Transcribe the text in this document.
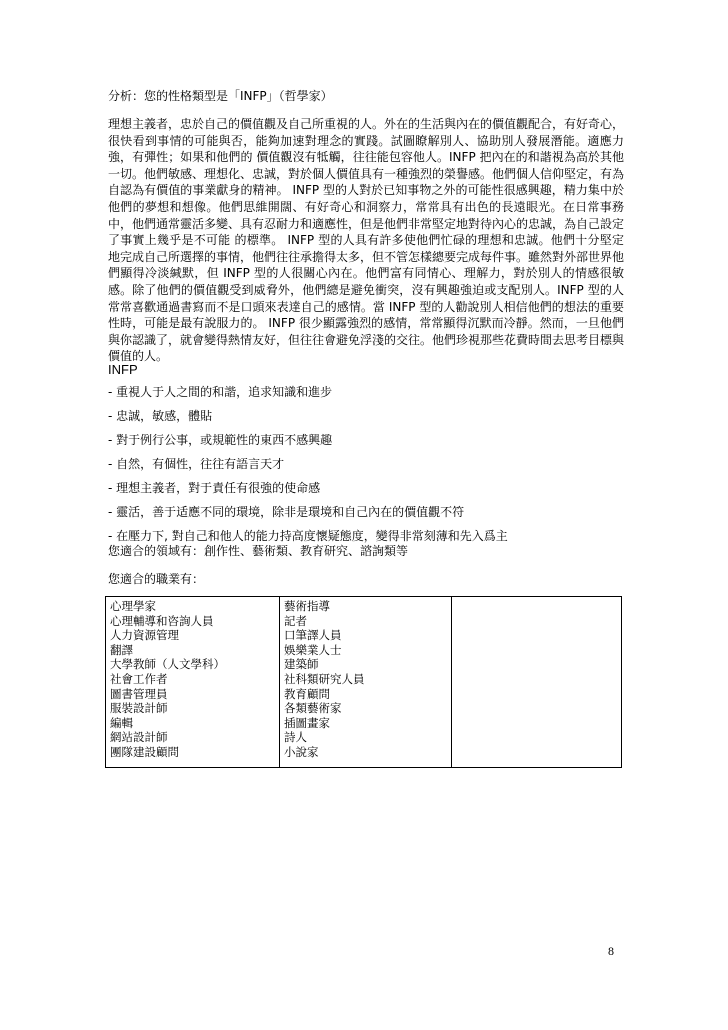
分析：您的性格類型是「INFP」（哲學家）
理想主義者，忠於自己的價值觀及自己所重視的人。外在的生活與內在的價值觀配合，有好奇心，很快看到事情的可能與否，能夠加速對理念的實踐。試圖瞭解別人、協助別人發展潛能。適應力強，有彈性；如果和他們的 價值觀沒有牴觸，往往能包容他人。INFP 把內在的和諧視為高於其他一切。他們敏感、理想化、忠誠，對於個人價值具有一種強烈的榮譽感。他們個人信仰堅定，有為自認為有價值的事業獻身的精神。 INFP 型的人對於已知事物之外的可能性很感興趣，精力集中於他們的夢想和想像。他們思維開闊、有好奇心和洞察力，常常具有出色的長遠眼光。在日常事務中，他們通常靈活多變、具有忍耐力和適應性，但是他們非常堅定地對待內心的忠誠，為自己設定了事實上幾乎是不可能 的標準。 INFP 型的人具有許多使他們忙碌的理想和忠誠。他們十分堅定地完成自己所選擇的事情，他們往往承擔得太多，但不管怎樣總要完成每件事。雖然對外部世界他們顯得冷淡緘默，但 INFP 型的人很關心內在。他們富有同情心、理解力，對於別人的情感很敏感。除了他們的價值觀受到威脅外，他們總是避免衝突，沒有興趣強迫或支配別人。INFP 型的人常常喜歡通過書寫而不是口頭來表達自己的感情。當 INFP 型的人勸說別人相信他們的想法的重要性時，可能是最有說服力的。 INFP 很少顯露強烈的感情，常常顯得沉默而冷靜。然而，一旦他們與你認識了，就會變得熱情友好，但往往會避免浮淺的交往。他們珍視那些花費時間去思考目標與價值的人。
INFP
- 重視人于人之間的和諧，追求知識和進步
- 忠誠，敏感，體貼
- 對于例行公事，或規範性的東西不感興趣
- 自然，有個性，往往有語言天才
- 理想主義者，對于責任有很強的使命感
- 靈活，善于适應不同的環境，除非是環境和自己內在的價值觀不符
- 在壓力下, 對自己和他人的能力持高度懷疑態度，變得非常刻薄和先入爲主
您適合的領域有：創作性、藝術類、教育研究、諮詢類等
您適合的職業有：
心理學家
心理輔導和咨詢人員
人力資源管理
翻譯
大學教師（人文學科）
社會工作者
圖書管理員
服裝設計師
編輯
網站設計師
團隊建設顧問
藝術指導
記者
口筆譯人員
娛樂業人士
建築師
社科類研究人員
教育顧問
各類藝術家
插圖畫家
詩人
小說家
8
